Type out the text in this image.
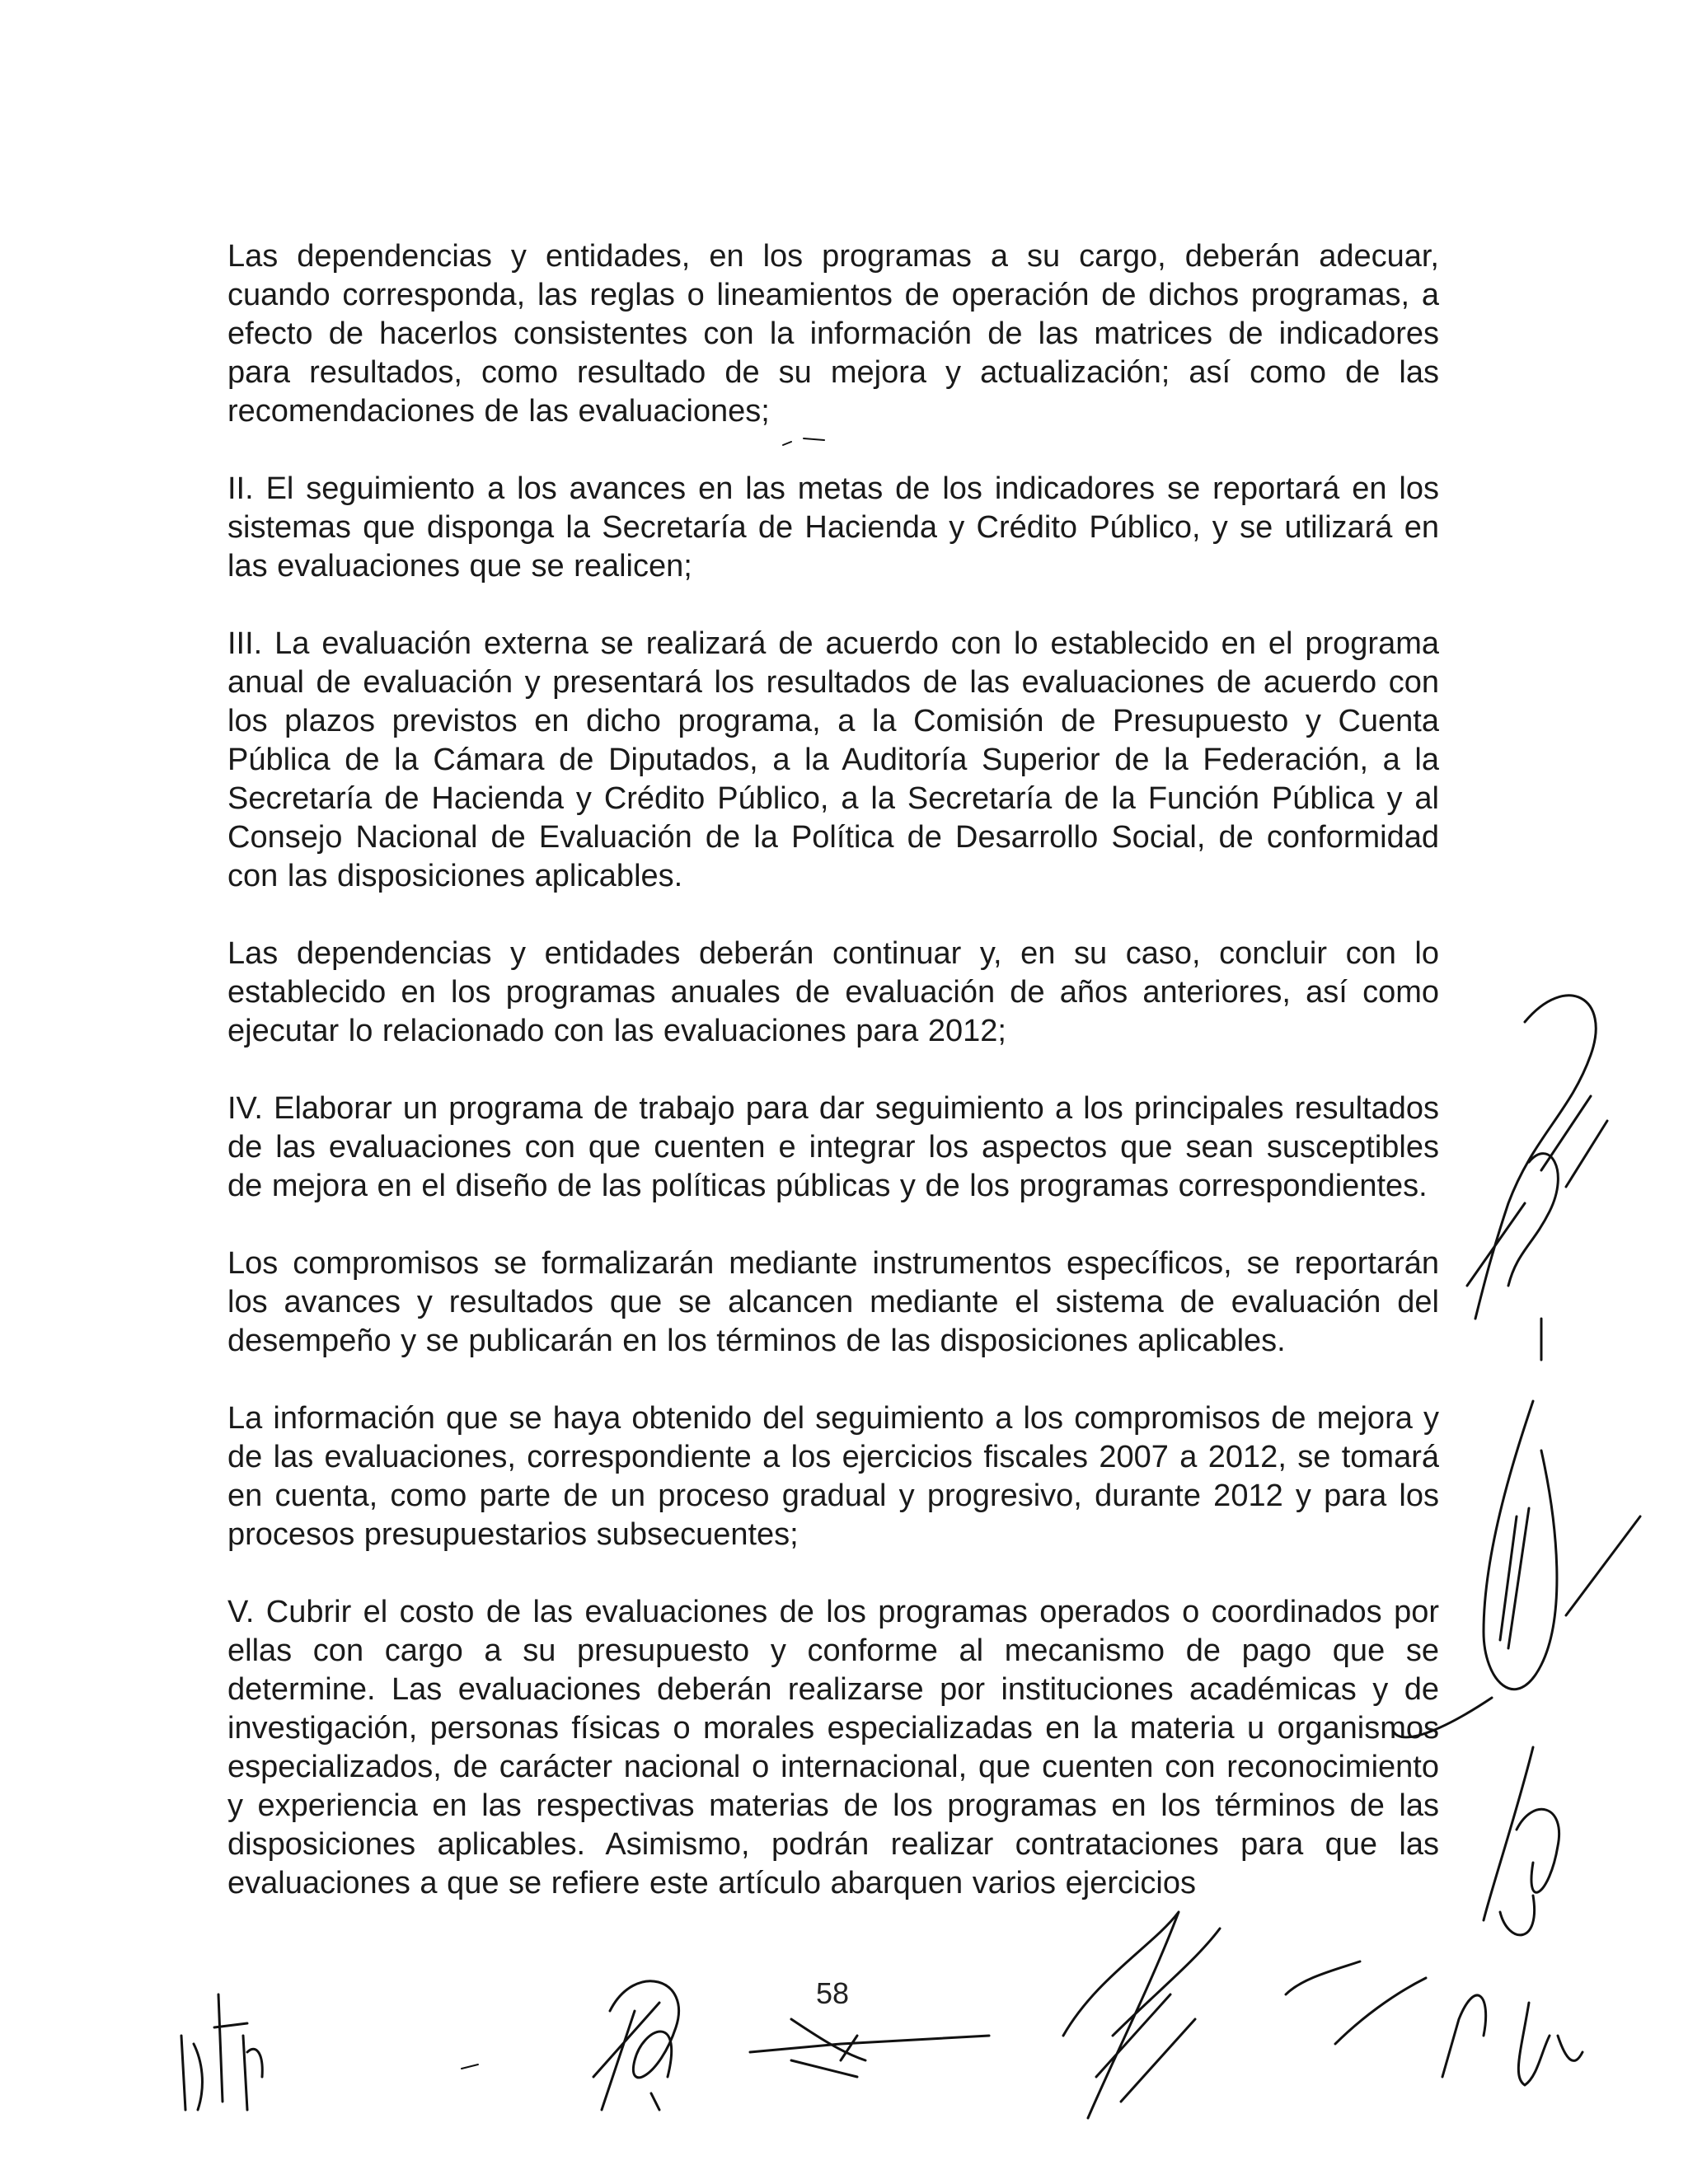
Las dependencias y entidades, en los programas a su cargo, deberán adecuar, cuando corresponda, las reglas o lineamientos de operación de dichos programas, a efecto de hacerlos consistentes con la información de las matrices de indicadores para resultados, como resultado de su mejora y actualización; así como de las recomendaciones de las evaluaciones;

II. El seguimiento a los avances en las metas de los indicadores se reportará en los sistemas que disponga la Secretaría de Hacienda y Crédito Público, y se utilizará en las evaluaciones que se realicen;

III. La evaluación externa se realizará de acuerdo con lo establecido en el programa anual de evaluación y presentará los resultados de las evaluaciones de acuerdo con los plazos previstos en dicho programa, a la Comisión de Presupuesto y Cuenta Pública de la Cámara de Diputados, a la Auditoría Superior de la Federación, a la Secretaría de Hacienda y Crédito Público, a la Secretaría de la Función Pública y al Consejo Nacional de Evaluación de la Política de Desarrollo Social, de conformidad con las disposiciones aplicables.

Las dependencias y entidades deberán continuar y, en su caso, concluir con lo establecido en los programas anuales de evaluación de años anteriores, así como ejecutar lo relacionado con las evaluaciones para 2012;

IV. Elaborar un programa de trabajo para dar seguimiento a los principales resultados de las evaluaciones con que cuenten e integrar los aspectos que sean susceptibles de mejora en el diseño de las políticas públicas y de los programas correspondientes.

Los compromisos se formalizarán mediante instrumentos específicos, se reportarán los avances y resultados que se alcancen mediante el sistema de evaluación del desempeño y se publicarán en los términos de las disposiciones aplicables.

La información que se haya obtenido del seguimiento a los compromisos de mejora y de las evaluaciones, correspondiente a los ejercicios fiscales 2007 a 2012, se tomará en cuenta, como parte de un proceso gradual y progresivo, durante 2012 y para los procesos presupuestarios subsecuentes;

V. Cubrir el costo de las evaluaciones de los programas operados o coordinados por ellas con cargo a su presupuesto y conforme al mecanismo de pago que se determine. Las evaluaciones deberán realizarse por instituciones académicas y de investigación, personas físicas o morales especializadas en la materia u organismos especializados, de carácter nacional o internacional, que cuenten con reconocimiento y experiencia en las respectivas materias de los programas en los términos de las disposiciones aplicables. Asimismo, podrán realizar contrataciones para que las evaluaciones a que se refiere este artículo abarquen varios ejercicios

58
